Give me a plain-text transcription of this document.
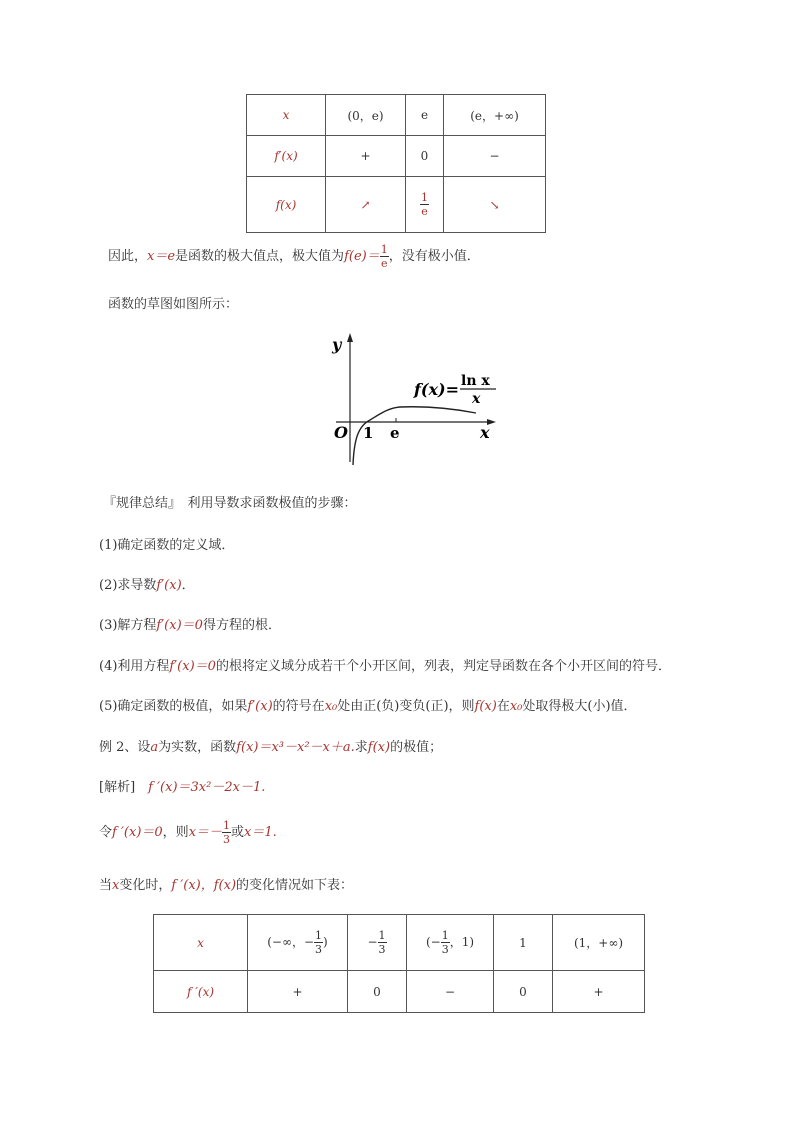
x	(0，e)	e	(e，+∞)
f′(x)	+	0	−
f(x)	↗	$\frac{1}{e}$	↘
因此，x＝e是函数的极大值点，极大值为$f(e)= \frac{1}{e}$ ，没有极小值．
函数的草图如图所示：
y
x
O 1 e
f(x)= ln x
x
『规律总结』　利用导数求函数极值的步骤：
(1)确定函数的定义域．
(2)求导数f′(x)．
(3)解方程f′(x)＝0得方程的根．
(4)利用方程f′(x)＝0的根将定义域分成若干个小开区间，列表，判定导函数在各个小开区间的符号．
(5)确定函数的极值，如果f′(x)的符号在x₀处由正(负)变负(正)，则f(x)在x₀处取得极大(小)值．
例 2、设a为实数，函数f(x)＝x³－x²－x＋a.求f(x)的极值；
[解析]　f ′(x)＝3x²－2x－1.
令f ′(x)＝0，则$x=- \frac{1}{3}$ 或x＝1.
当x变化时，f ′(x)，f(x)的变化情况如下表：
x	(−∞，− $\frac{1}{3}$ )	− $\frac{1}{3}$	(− $\frac{1}{3}$ ，1)	1	(1，+∞)
f ′(x)	+	0	−	0	+
